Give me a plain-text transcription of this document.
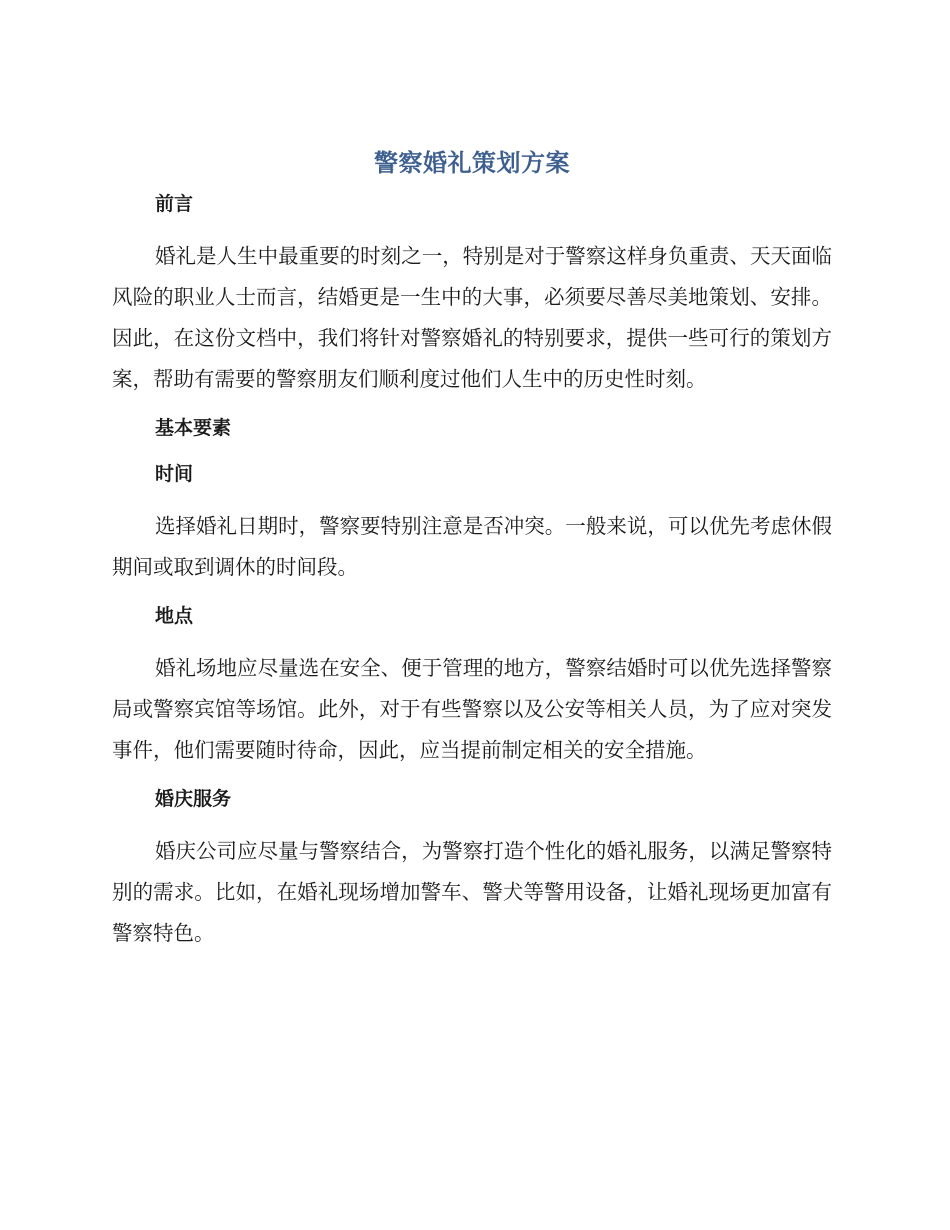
警察婚礼策划方案
前言

婚礼是人生中最重要的时刻之一，特别是对于警察这样身负重责、天天面临风险的职业人士而言，结婚更是一生中的大事，必须要尽善尽美地策划、安排。因此，在这份文档中，我们将针对警察婚礼的特别要求，提供一些可行的策划方案，帮助有需要的警察朋友们顺利度过他们人生中的历史性时刻。

基本要素
时间

选择婚礼日期时，警察要特别注意是否冲突。一般来说，可以优先考虑休假期间或取到调休的时间段。

地点

婚礼场地应尽量选在安全、便于管理的地方，警察结婚时可以优先选择警察局或警察宾馆等场馆。此外，对于有些警察以及公安等相关人员，为了应对突发事件，他们需要随时待命，因此，应当提前制定相关的安全措施。

婚庆服务

婚庆公司应尽量与警察结合，为警察打造个性化的婚礼服务，以满足警察特别的需求。比如，在婚礼现场增加警车、警犬等警用设备，让婚礼现场更加富有警察特色。
